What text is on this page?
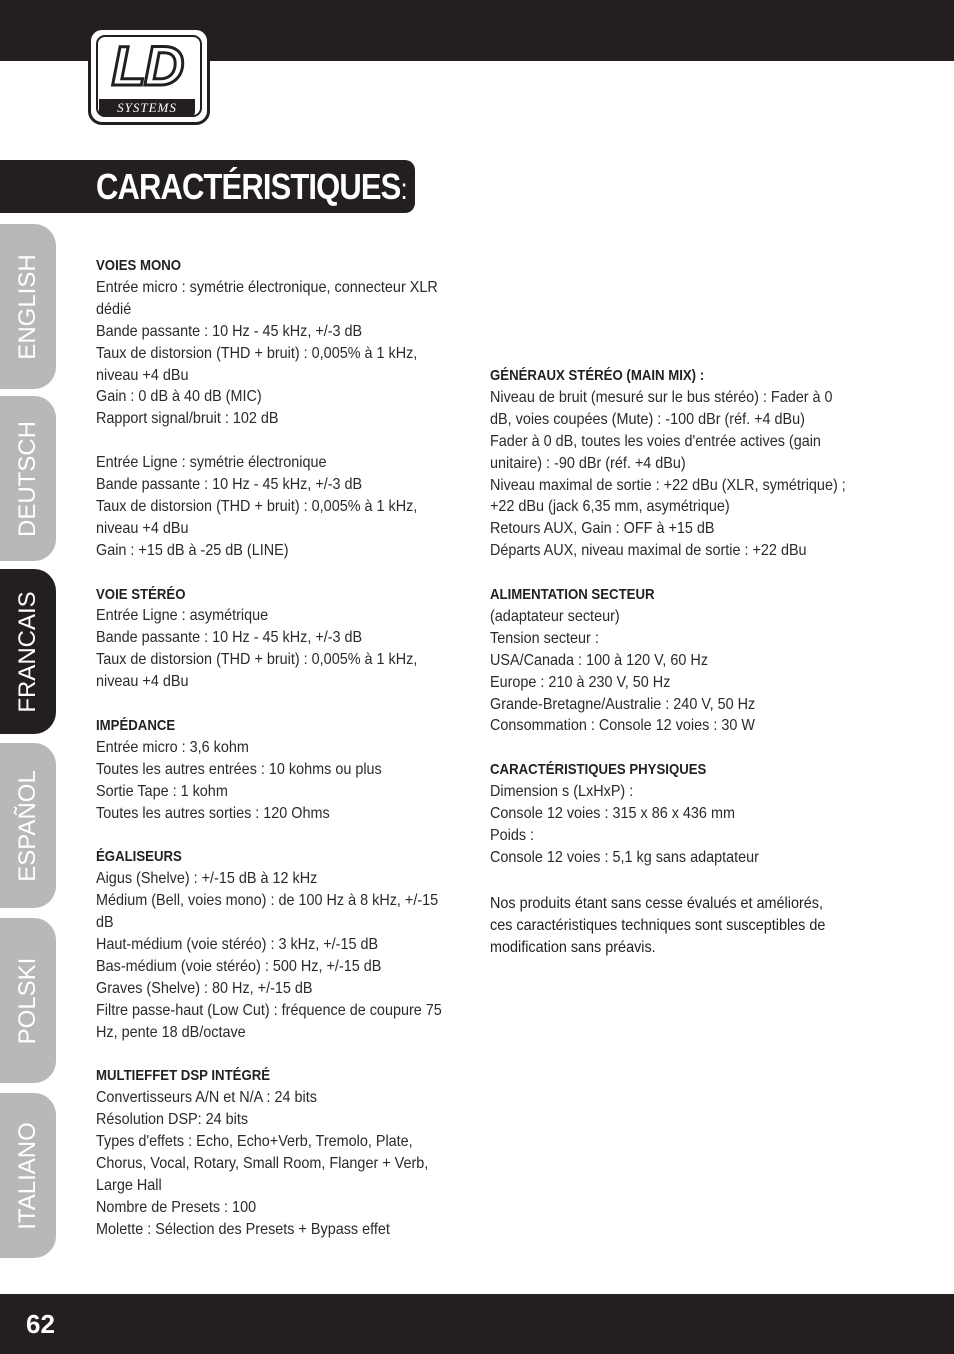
LD
SYSTEMS
CARACTÉRISTIQUES:
ENGLISH
DEUTSCH
FRANCAIS
ESPAÑOL
POLSKI
ITALIANO
VOIES MONO
Entrée micro : symétrie électronique, connecteur XLR
dédié
Bande passante : 10 Hz - 45 kHz, +/-3 dB
Taux de distorsion (THD + bruit) : 0,005% à 1 kHz,
niveau +4 dBu
Gain : 0 dB à 40 dB (MIC)
Rapport signal/bruit : 102 dB
Entrée Ligne : symétrie électronique
Bande passante : 10 Hz - 45 kHz, +/-3 dB
Taux de distorsion (THD + bruit) : 0,005% à 1 kHz,
niveau +4 dBu
Gain : +15 dB à -25 dB (LINE)
VOIE STÉRÉO
Entrée Ligne : asymétrique
Bande passante : 10 Hz - 45 kHz, +/-3 dB
Taux de distorsion (THD + bruit) : 0,005% à 1 kHz,
niveau +4 dBu
IMPÉDANCE
Entrée micro : 3,6 kohm
Toutes les autres entrées : 10 kohms ou plus
Sortie Tape : 1 kohm
Toutes les autres sorties : 120 Ohms
ÉGALISEURS
Aigus (Shelve) : +/-15 dB à 12 kHz
Médium (Bell, voies mono) : de 100 Hz à 8 kHz, +/-15
dB
Haut-médium (voie stéréo) : 3 kHz, +/-15 dB
Bas-médium (voie stéréo) : 500 Hz, +/-15 dB
Graves (Shelve) : 80 Hz, +/-15 dB
Filtre passe-haut (Low Cut) : fréquence de coupure 75
Hz, pente 18 dB/octave
MULTIEFFET DSP INTÉGRÉ
Convertisseurs A/N et N/A : 24 bits
Résolution DSP: 24 bits
Types d'effets : Echo, Echo+Verb, Tremolo, Plate,
Chorus, Vocal, Rotary, Small Room, Flanger + Verb,
Large Hall
Nombre de Presets : 100
Molette : Sélection des Presets + Bypass effet
GÉNÉRAUX STÉRÉO (MAIN MIX) :
Niveau de bruit (mesuré sur le bus stéréo) : Fader à 0
dB, voies coupées (Mute) : -100 dBr (réf. +4 dBu)
Fader à 0 dB, toutes les voies d'entrée actives (gain
unitaire) : -90 dBr (réf. +4 dBu)
Niveau maximal de sortie : +22 dBu (XLR, symétrique) ;
+22 dBu (jack 6,35 mm, asymétrique)
Retours AUX, Gain : OFF à +15 dB
Départs AUX, niveau maximal de sortie : +22 dBu
ALIMENTATION SECTEUR
(adaptateur secteur)
Tension secteur :
USA/Canada : 100 à 120 V, 60 Hz
Europe : 210 à 230 V, 50 Hz
Grande-Bretagne/Australie : 240 V, 50 Hz
Consommation : Console 12 voies : 30 W
CARACTÉRISTIQUES PHYSIQUES
Dimension s (LxHxP) :
Console 12 voies : 315 x 86 x 436 mm
Poids :
Console 12 voies : 5,1 kg sans adaptateur
Nos produits étant sans cesse évalués et améliorés,
ces caractéristiques techniques sont susceptibles de
modification sans préavis.
62
